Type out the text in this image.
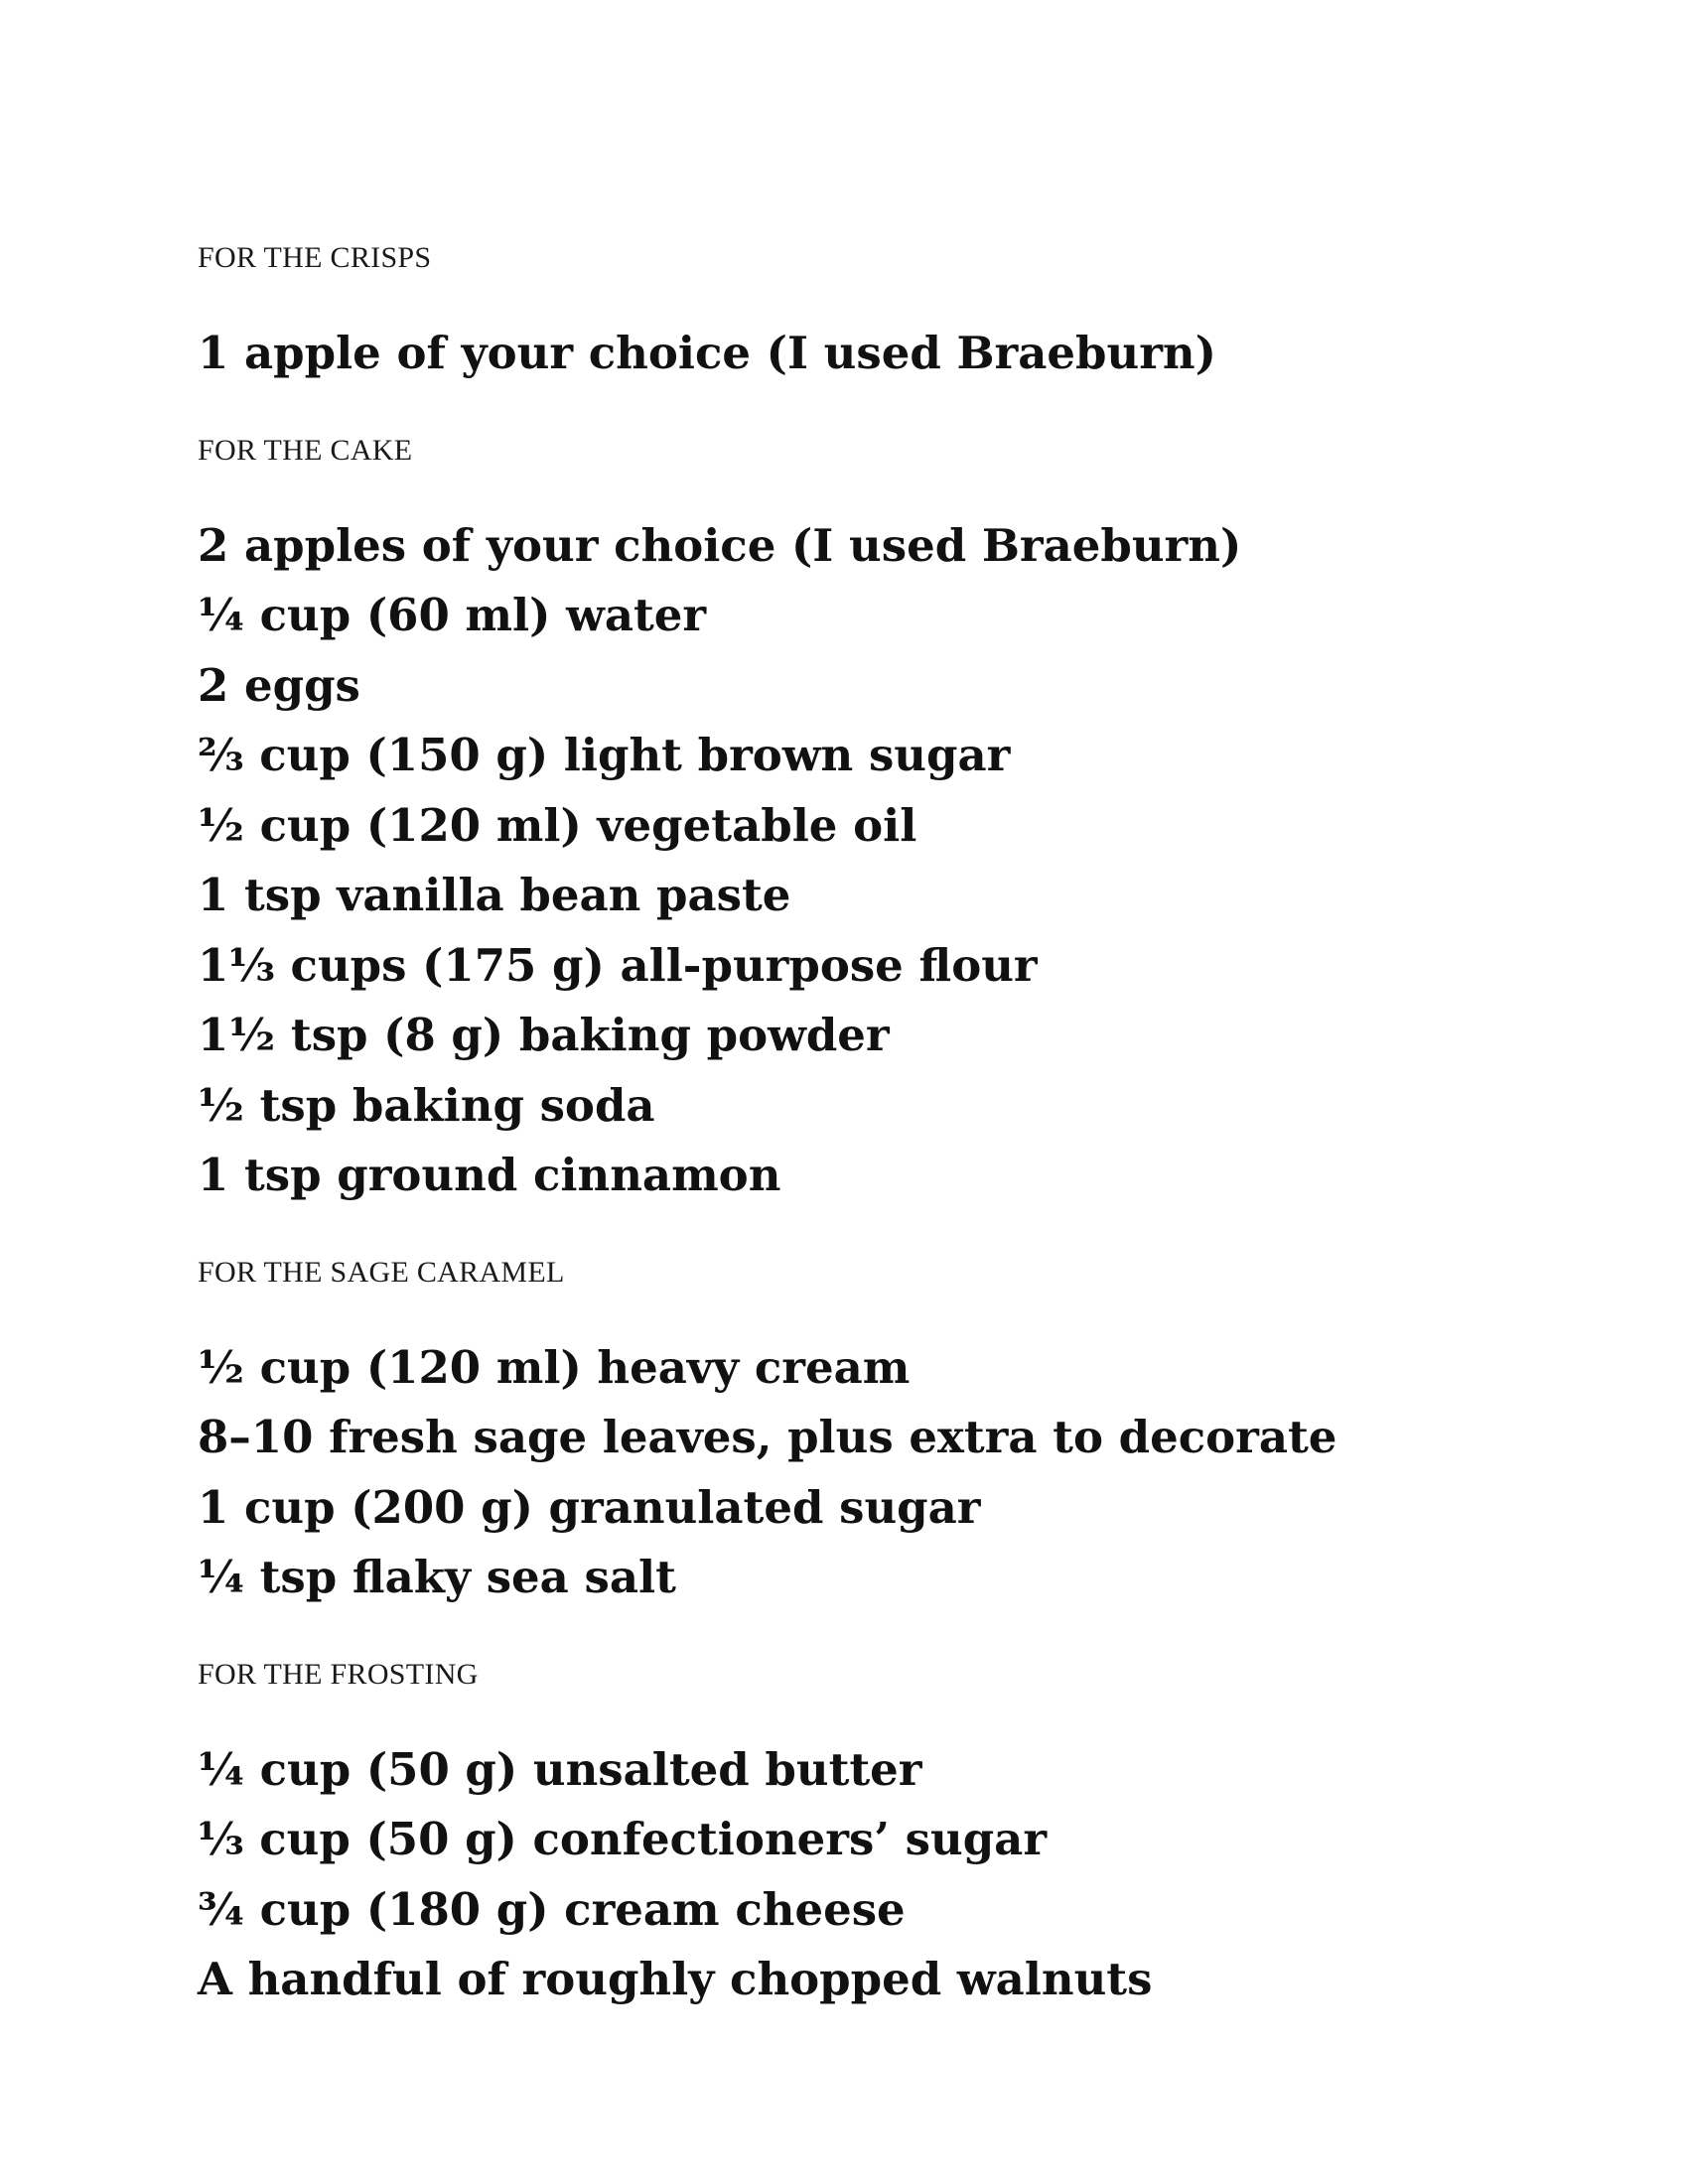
FOR THE CRISPS
1 apple of your choice (I used Braeburn)
FOR THE CAKE
2 apples of your choice (I used Braeburn)
¼ cup (60 ml) water
2 eggs
⅔ cup (150 g) light brown sugar
½ cup (120 ml) vegetable oil
1 tsp vanilla bean paste
1⅓ cups (175 g) all-purpose flour
1½ tsp (8 g) baking powder
½ tsp baking soda
1 tsp ground cinnamon
FOR THE SAGE CARAMEL
½ cup (120 ml) heavy cream
8–10 fresh sage leaves, plus extra to decorate
1 cup (200 g) granulated sugar
¼ tsp flaky sea salt
FOR THE FROSTING
¼ cup (50 g) unsalted butter
⅓ cup (50 g) confectioners’ sugar
¾ cup (180 g) cream cheese
A handful of roughly chopped walnuts
